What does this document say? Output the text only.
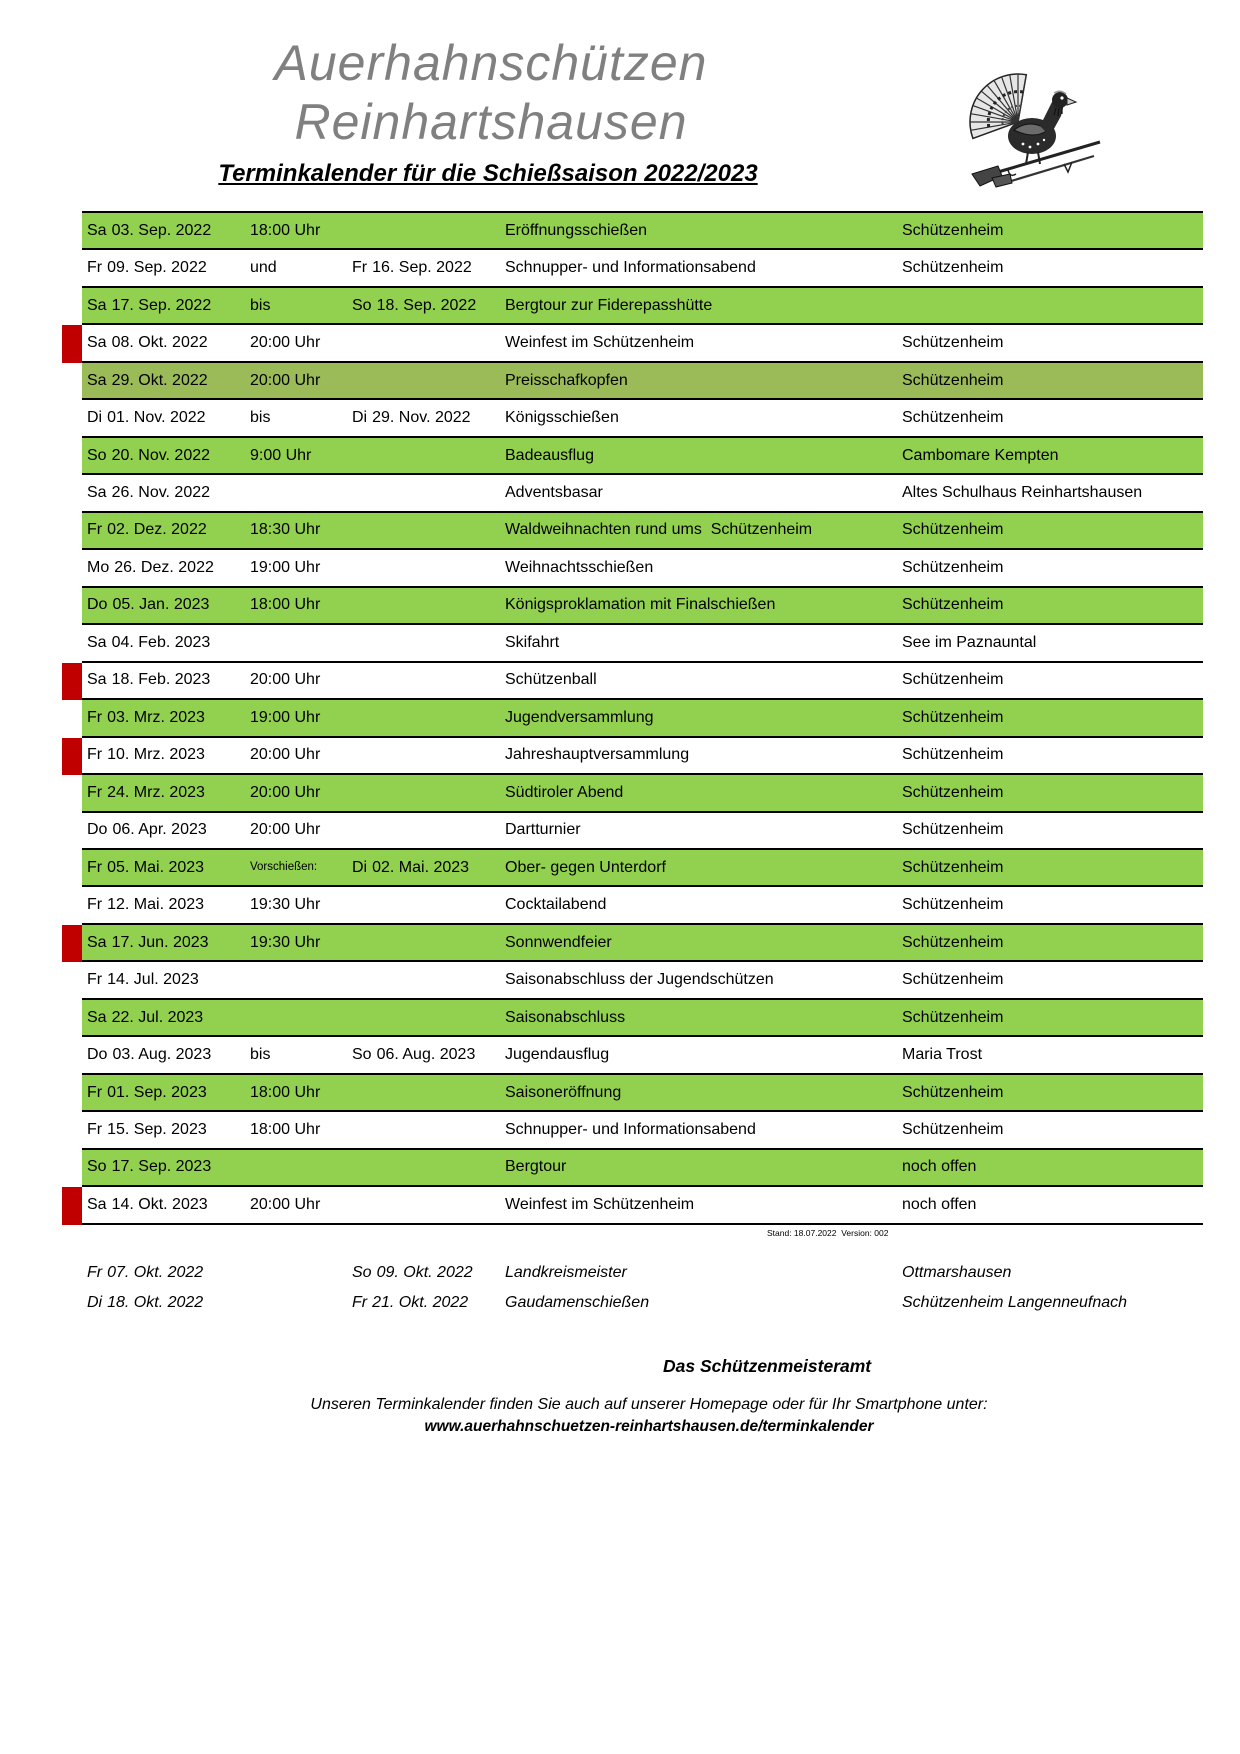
Auerhahnschützen
Reinhartshausen
Terminkalender für die Schießsaison 2022/2023
Sa 03. Sep. 2022 18:00 Uhr	Eröffnungsschießen	Schützenheim
Fr 09. Sep. 2022	und	Fr 16. Sep. 2022 Schnupper- und Informationsabend	Schützenheim
Sa 17. Sep. 2022 bis	So 18. Sep. 2022 Bergtour zur Fiderepasshütte
Sa 08. Okt. 2022	20:00 Uhr	Weinfest im Schützenheim	Schützenheim
Sa 29. Okt. 2022	20:00 Uhr	Preisschafkopfen	Schützenheim
Di 01. Nov. 2022	bis	Di 29. Nov. 2022 Königsschießen	Schützenheim
So 20. Nov. 2022 9:00 Uhr	Badeausflug	Cambomare Kempten
Sa 26. Nov. 2022	Adventsbasar	Altes Schulhaus Reinhartshausen
Fr 02. Dez. 2022	18:30 Uhr	Waldweihnachten rund ums  Schützenheim	Schützenheim
Mo 26. Dez. 2022 19:00 Uhr	Weihnachtsschießen	Schützenheim
Do 05. Jan. 2023	18:00 Uhr	Königsproklamation mit Finalschießen	Schützenheim
Sa 04. Feb. 2023	Skifahrt	See im Paznauntal
Sa 18. Feb. 2023 20:00 Uhr	Schützenball	Schützenheim
Fr 03. Mrz. 2023	19:00 Uhr	Jugendversammlung	Schützenheim
Fr 10. Mrz. 2023	20:00 Uhr	Jahreshauptversammlung	Schützenheim
Fr 24. Mrz. 2023	20:00 Uhr	Südtiroler Abend	Schützenheim
Do 06. Apr. 2023	20:00 Uhr	Dartturnier	Schützenheim
Fr 05. Mai. 2023	Vorschießen: Di 02. Mai. 2023 Ober- gegen Unterdorf	Schützenheim
Fr 12. Mai. 2023	19:30 Uhr	Cocktailabend	Schützenheim
Sa 17. Jun. 2023	19:30 Uhr	Sonnwendfeier	Schützenheim
Fr 14. Jul. 2023	Saisonabschluss der Jugendschützen	Schützenheim
Sa 22. Jul. 2023	Saisonabschluss	Schützenheim
Do 03. Aug. 2023 bis	So 06. Aug. 2023 Jugendausflug	Maria Trost
Fr 01. Sep. 2023	18:00 Uhr	Saisoneröffnung	Schützenheim
Fr 15. Sep. 2023	18:00 Uhr	Schnupper- und Informationsabend	Schützenheim
So 17. Sep. 2023	Bergtour	noch offen
Sa 14. Okt. 2023	20:00 Uhr	Weinfest im Schützenheim	noch offen
Stand: 18.07.2022  Version: 002
Fr 07. Okt. 2022	So 09. Okt. 2022 Landkreismeister	Ottmarshausen
Di 18. Okt. 2022	Fr 21. Okt. 2022 Gaudamenschießen	Schützenheim Langenneufnach
Das Schützenmeisteramt
Unseren Terminkalender finden Sie auch auf unserer Homepage oder für Ihr Smartphone unter:
www.auerhahnschuetzen-reinhartshausen.de/terminkalender
